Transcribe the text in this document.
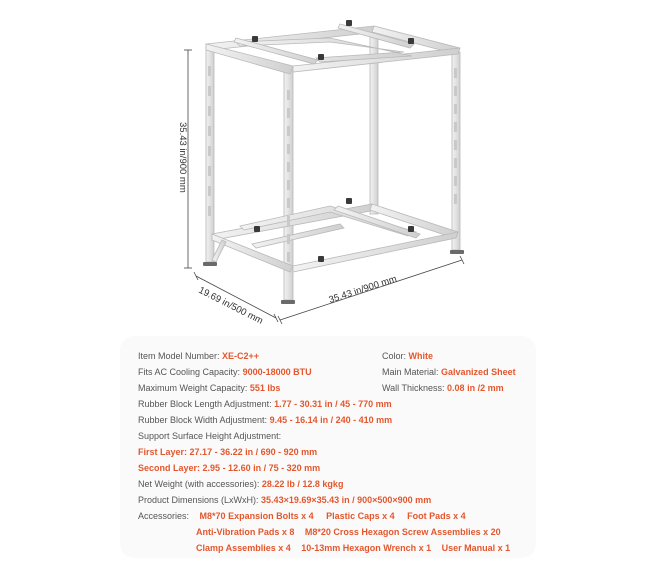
35.43 in/900 mm
19.69 in/500 mm	35.43 in/900 mm
Item Model Number: XE-C2++	Color: White
Fits AC Cooling Capacity: 9000-18000 BTU	Main Material: Galvanized Sheet
Maximum Weight Capacity: 551 lbs	Wall Thickness: 0.08 in /2 mm
Rubber Block Length Adjustment: 1.77 - 30.31 in / 45 - 770 mm
Rubber Block Width Adjustment: 9.45 - 16.14 in / 240 - 410 mm
Support Surface Height Adjustment:
First Layer: 27.17 - 36.22 in / 690 - 920 mm
Second Layer: 2.95 - 12.60 in / 75 - 320 mm
Net Weight (with accessories): 28.22 lb / 12.8 kgkg
Product Dimensions (LxWxH): 35.43×19.69×35.43 in / 900×500×900 mm
Accessories: M8*70 Expansion Bolts x 4 Plastic Caps x 4 Foot Pads x 4
Anti-Vibration Pads x 8 M8*20 Cross Hexagon Screw Assemblies x 20
Clamp Assemblies x 4 10-13mm Hexagon Wrench x 1 User Manual x 1
